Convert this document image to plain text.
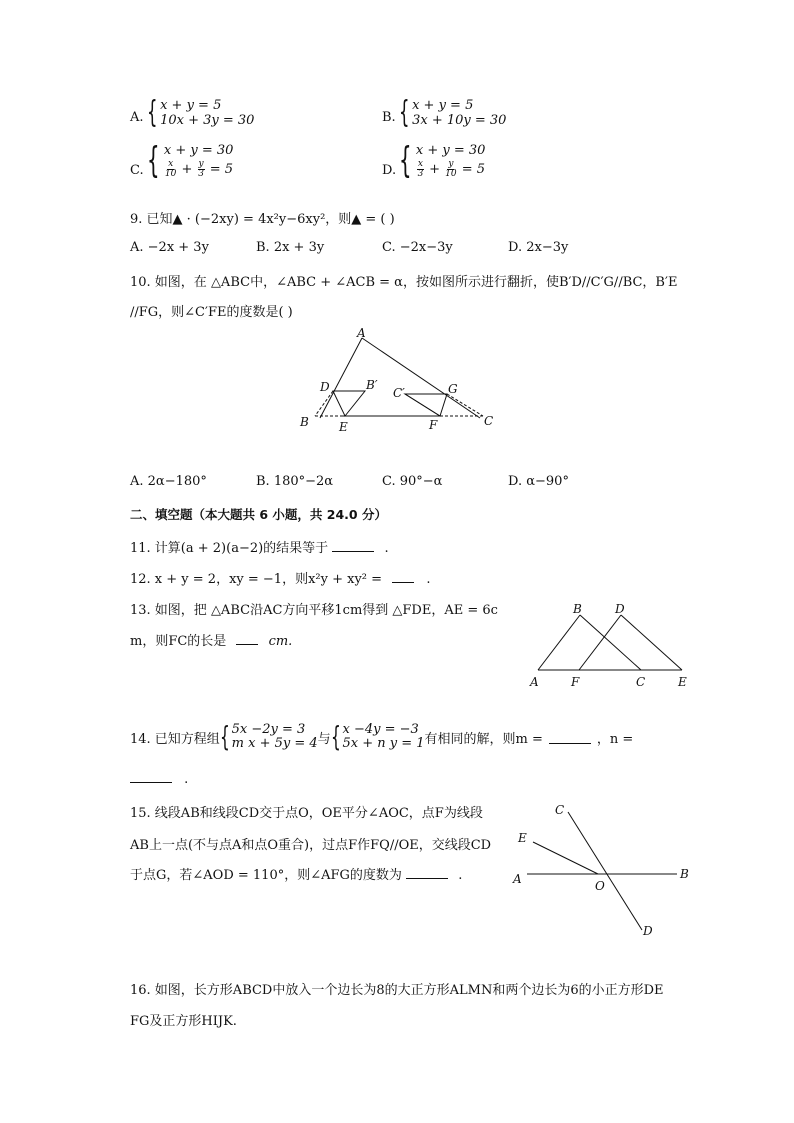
A. { x + y = 5
10x + 3y = 30	B. { x + y = 5
3x + 10y = 30
C. { x + y = 30
$\frac{x}{10} + \frac{y}{3} = 5$	D. { x + y = 30
$\frac{x}{3} + \frac{y}{10} = 5$
9. 已知▲ · (−2xy) = 4x²y−6xy²，则▲ = ( )
A. −2x + 3y	B. 2x + 3y	C. −2x−3y	D. 2x−3y
10. 如图，在 △ABC中，∠ABC + ∠ACB = α，按如图所示进行翻折，使B′D//C′G//BC，B′E
//FG，则∠C′FE的度数是( )
A
B	C
D
E	F
G
B′
C′
A. 2α−180°	B. 180°−2α	C. 90°−α	D. α−90°
二、填空题（本大题共 6 小题，共 24.0 分）
11. 计算(a + 2)(a−2)的结果等于	.
12. x + y = 2，xy = −1，则x²y + xy² =	.
13. 如图，把 △ABC沿AC方向平移1cm得到 △FDE，AE = 6c
m，则FC的长是	cm.
A
B
C
D
E
F
14. 已知方程组 { 5x −2y = 3
m x + 5y = 4 与 { x −4y = −3
5x + n y = 1 有相同的解，则m =	，n =
.
15. 线段AB和线段CD交于点O，OE平分∠AOC，点F为线段
AB上一点(不与点A和点O重合)，过点F作FQ//OE，交线段CD
于点G，若∠AOD = 110°，则∠AFG的度数为	.	A	B
C
D
E
O
16. 如图，长方形ABCD中放入一个边长为8的大正方形ALMN和两个边长为6的小正方形DE
FG及正方形HIJK.
